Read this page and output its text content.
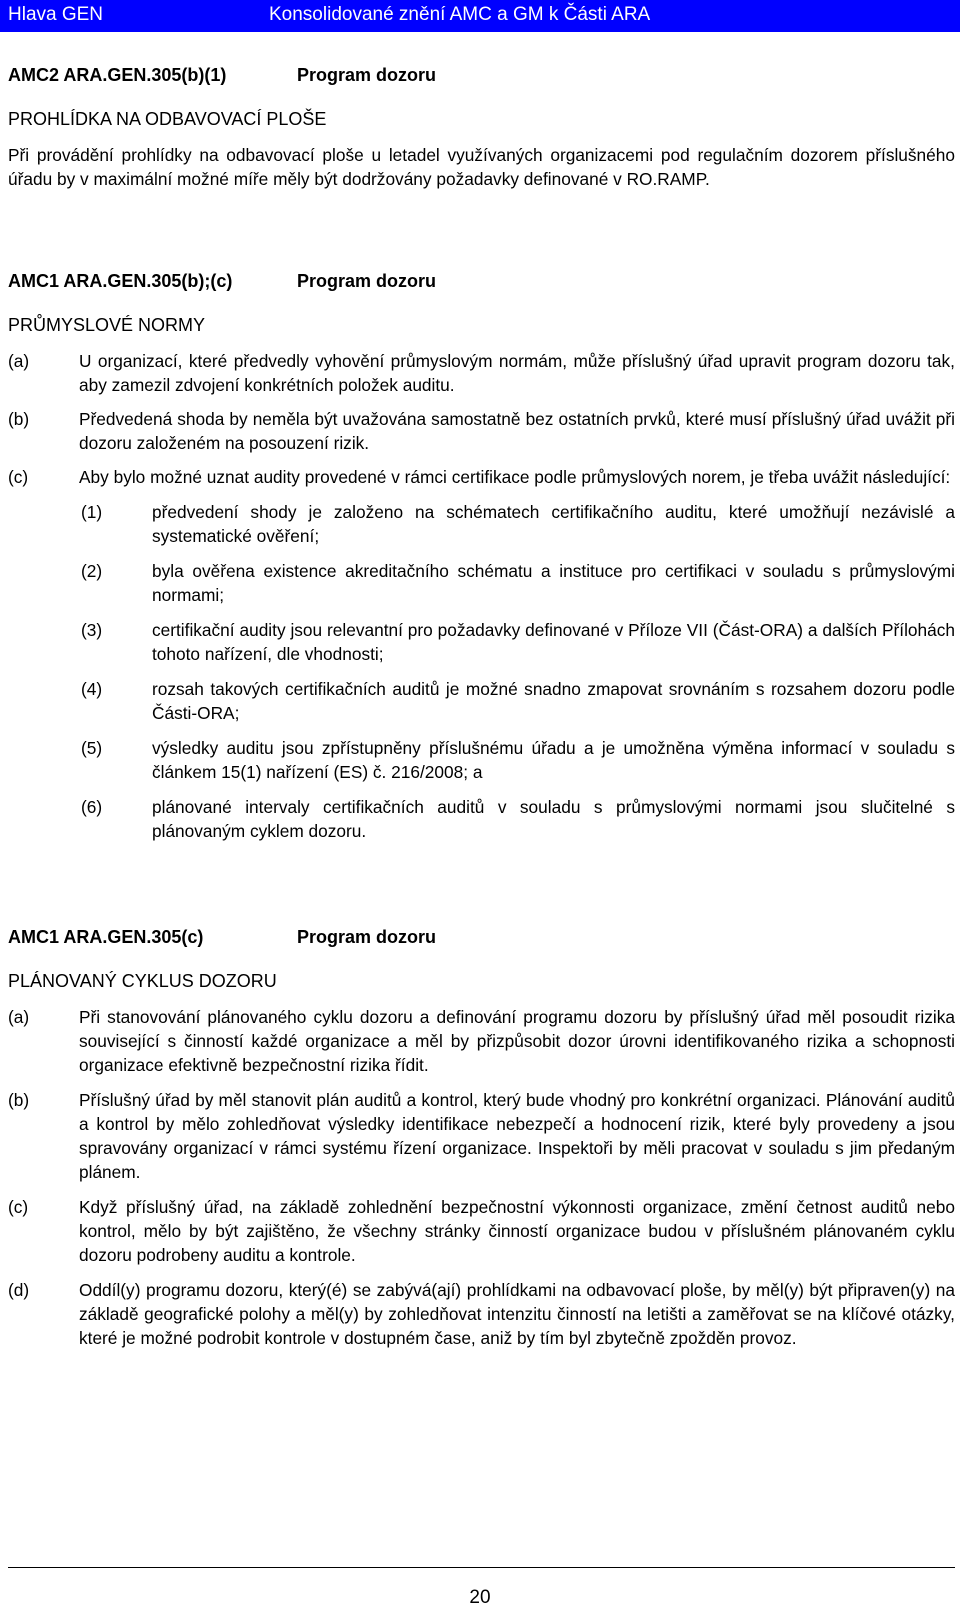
Hlava GEN	Konsolidované znění AMC a GM k Části ARA
AMC2 ARA.GEN.305(b)(1)	Program dozoru
PROHLÍDKA NA ODBAVOVACÍ PLOŠE
Při provádění prohlídky na odbavovací ploše u letadel využívaných organizacemi pod regulačním dozorem příslušného úřadu by v maximální možné míře měly být dodržovány požadavky definované v RO.RAMP.
AMC1 ARA.GEN.305(b);(c)	Program dozoru
PRŮMYSLOVÉ NORMY
(a)	U organizací, které předvedly vyhovění průmyslovým normám, může příslušný úřad upravit program dozoru tak, aby zamezil zdvojení konkrétních položek auditu.
(b)	Předvedená shoda by neměla být uvažována samostatně bez ostatních prvků, které musí příslušný úřad uvážit při dozoru založeném na posouzení rizik.
(c)	Aby bylo možné uznat audity provedené v rámci certifikace podle průmyslových norem, je třeba uvážit následující:
(1)	předvedení shody je založeno na schématech certifikačního auditu, které umožňují nezávislé a systematické ověření;
(2)	byla ověřena existence akreditačního schématu a instituce pro certifikaci v souladu s průmyslovými normami;
(3)	certifikační audity jsou relevantní pro požadavky definované v Příloze VII (Část-ORA) a dalších Přílohách tohoto nařízení, dle vhodnosti;
(4)	rozsah takových certifikačních auditů je možné snadno zmapovat srovnáním s rozsahem dozoru podle Části-ORA;
(5)	výsledky auditu jsou zpřístupněny příslušnému úřadu a je umožněna výměna informací v souladu s článkem 15(1) nařízení (ES) č. 216/2008; a
(6)	plánované intervaly certifikačních auditů v souladu s průmyslovými normami jsou slučitelné s plánovaným cyklem dozoru.
AMC1 ARA.GEN.305(c)	Program dozoru
PLÁNOVANÝ CYKLUS DOZORU
(a)	Při stanovování plánovaného cyklu dozoru a definování programu dozoru by příslušný úřad měl posoudit rizika související s činností každé organizace a měl by přizpůsobit dozor úrovni identifikovaného rizika a schopnosti organizace efektivně bezpečnostní rizika řídit.
(b)	Příslušný úřad by měl stanovit plán auditů a kontrol, který bude vhodný pro konkrétní organizaci. Plánování auditů a kontrol by mělo zohledňovat výsledky identifikace nebezpečí a hodnocení rizik, které byly provedeny a jsou spravovány organizací v rámci systému řízení organizace. Inspektoři by měli pracovat v souladu s jim předaným plánem.
(c)	Když příslušný úřad, na základě zohlednění bezpečnostní výkonnosti organizace, změní četnost auditů nebo kontrol, mělo by být zajištěno, že všechny stránky činností organizace budou v příslušném plánovaném cyklu dozoru podrobeny auditu a kontrole.
(d)	Oddíl(y) programu dozoru, který(é) se zabývá(ají) prohlídkami na odbavovací ploše, by měl(y) být připraven(y) na základě geografické polohy a měl(y) by zohledňovat intenzitu činností na letišti a zaměřovat se na klíčové otázky, které je možné podrobit kontrole v dostupném čase, aniž by tím byl zbytečně zpožděn provoz.
20
